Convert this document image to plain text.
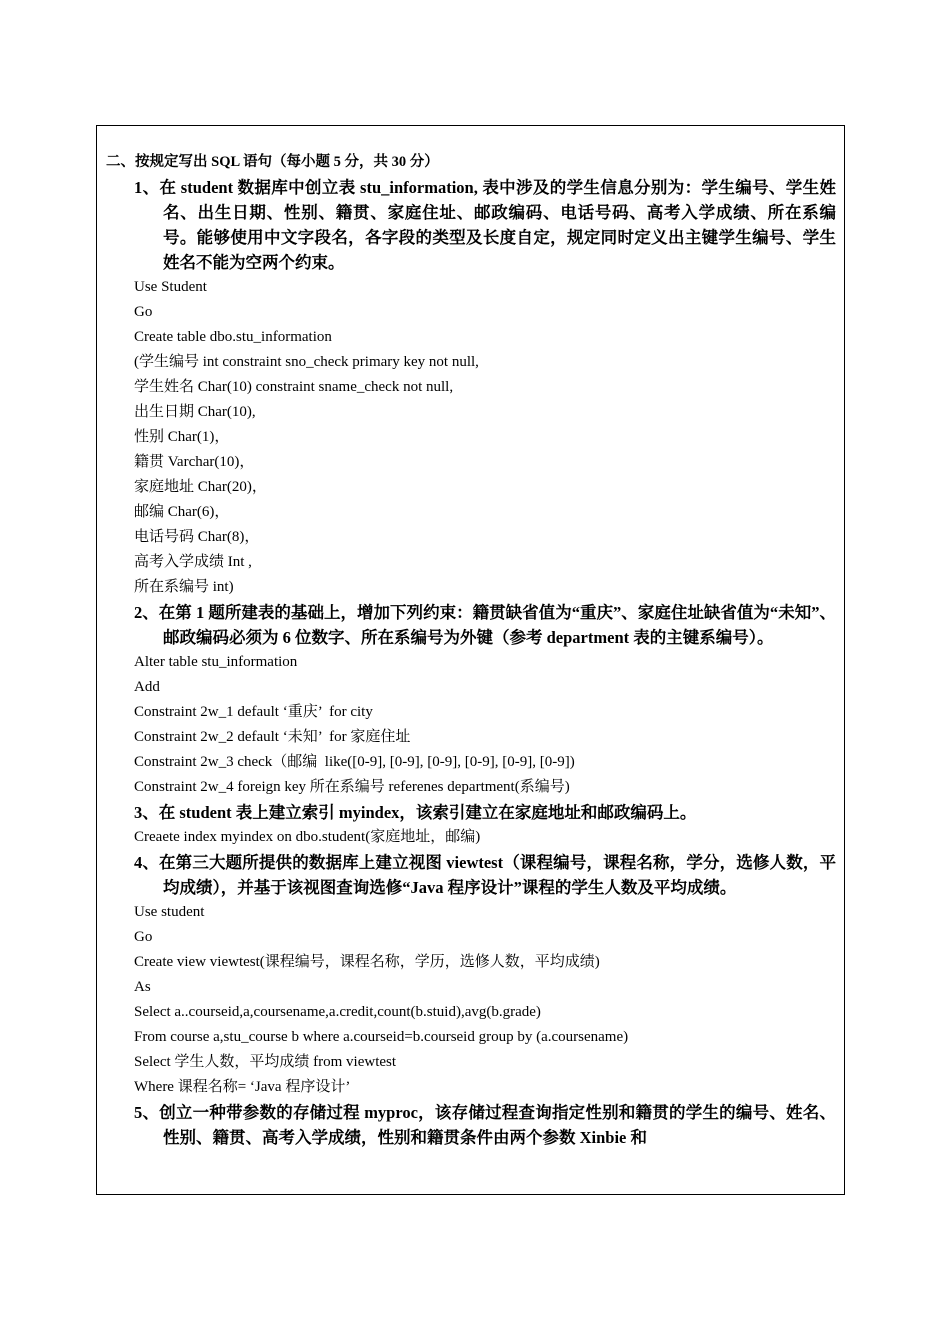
二、按规定写出 SQL 语句（每小题 5 分，共 30 分）

1、在 student 数据库中创立表 stu_information, 表中涉及的学生信息分别为：学生编号、学生姓名、出生日期、性别、籍贯、家庭住址、邮政编码、电话号码、高考入学成绩、所在系编号。能够使用中文字段名，各字段的类型及长度自定，规定同时定义出主键学生编号、学生姓名不能为空两个约束。

Use Student

Go

Create table dbo.stu_information

(学生编号 int constraint sno_check primary key not null,

学生姓名 Char(10) constraint sname_check not null,

出生日期 Char(10),

性别 Char(1)，

籍贯 Varchar(10)，

家庭地址 Char(20)，

邮编 Char(6)，

电话号码 Char(8)，

高考入学成绩 Int ,

所在系编号 int)

2、在第 1 题所建表的基础上，增加下列约束：籍贯缺省值为“重庆”、家庭住址缺省值为“未知”、邮政编码必须为 6 位数字、所在系编号为外键（参考 department 表的主键系编号）。

Alter table stu_information

Add

Constraint 2w_1 default ‘重庆’  for city

Constraint 2w_2 default ‘未知’  for 家庭住址

Constraint 2w_3 check（邮编  like([0-9], [0-9], [0-9], [0-9], [0-9], [0-9])

Constraint 2w_4 foreign key 所在系编号 referenes department(系编号)

3、在 student 表上建立索引 myindex，该索引建立在家庭地址和邮政编码上。

Creaete index myindex on dbo.student(家庭地址，邮编)

4、在第三大题所提供的数据库上建立视图 viewtest（课程编号，课程名称，学分，选修人数，平均成绩），并基于该视图查询选修“Java 程序设计”课程的学生人数及平均成绩。

Use student

Go

Create view viewtest(课程编号，课程名称，学历，选修人数，平均成绩)

As

Select a..courseid,a,coursename,a.credit,count(b.stuid),avg(b.grade)

From course a,stu_course b where a.courseid=b.courseid group by (a.coursename)

Select 学生人数，平均成绩 from viewtest

Where 课程名称= ‘Java 程序设计’

5、创立一种带参数的存储过程 myproc，该存储过程查询指定性别和籍贯的学生的编号、姓名、性别、籍贯、高考入学成绩，性别和籍贯条件由两个参数 Xinbie 和
